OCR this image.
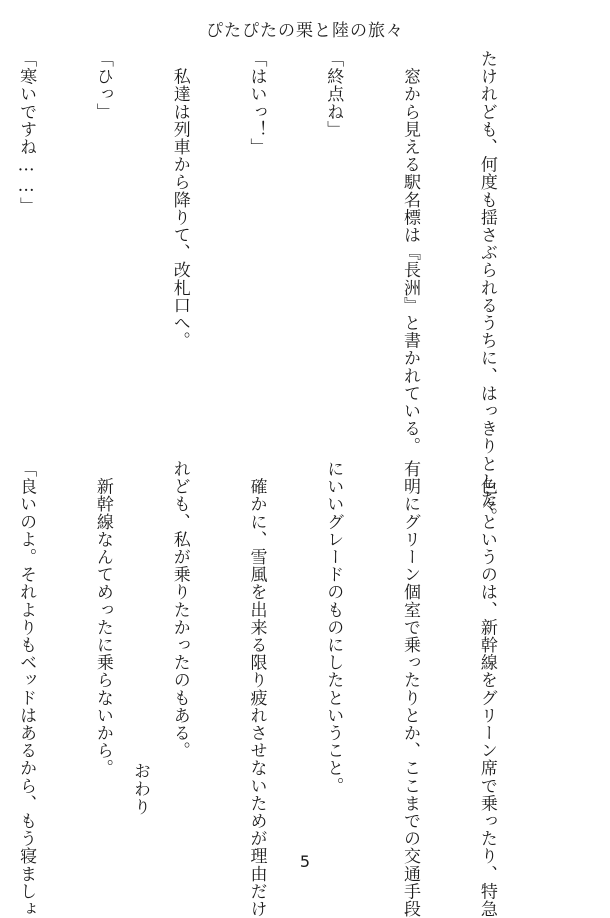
ぴたぴたの栗と陸の旅々

たけれども、何度も揺さぶられるうちに、はっきりとした。

　窓から見える駅名標は『長洲』と書かれている。

「終点ね」

「はいっ！」

　私達は列車から降りて、改札口へ。

「ひっ」

「寒いですね……」

　色々というのは、新幹線をグリーン席で乗ったり、特急

有明にグリーン個室で乗ったりとか、ここまでの交通手段

にいいグレードのものにしたということ。

　確かに、雪風を出来る限り疲れさせないためが理由だけ

れども、私が乗りたかったのもある。

　新幹線なんてめったに乗らないから。

「良いのよ。それよりもベッドはあるから、もう寝ましょ

	おわり
5
